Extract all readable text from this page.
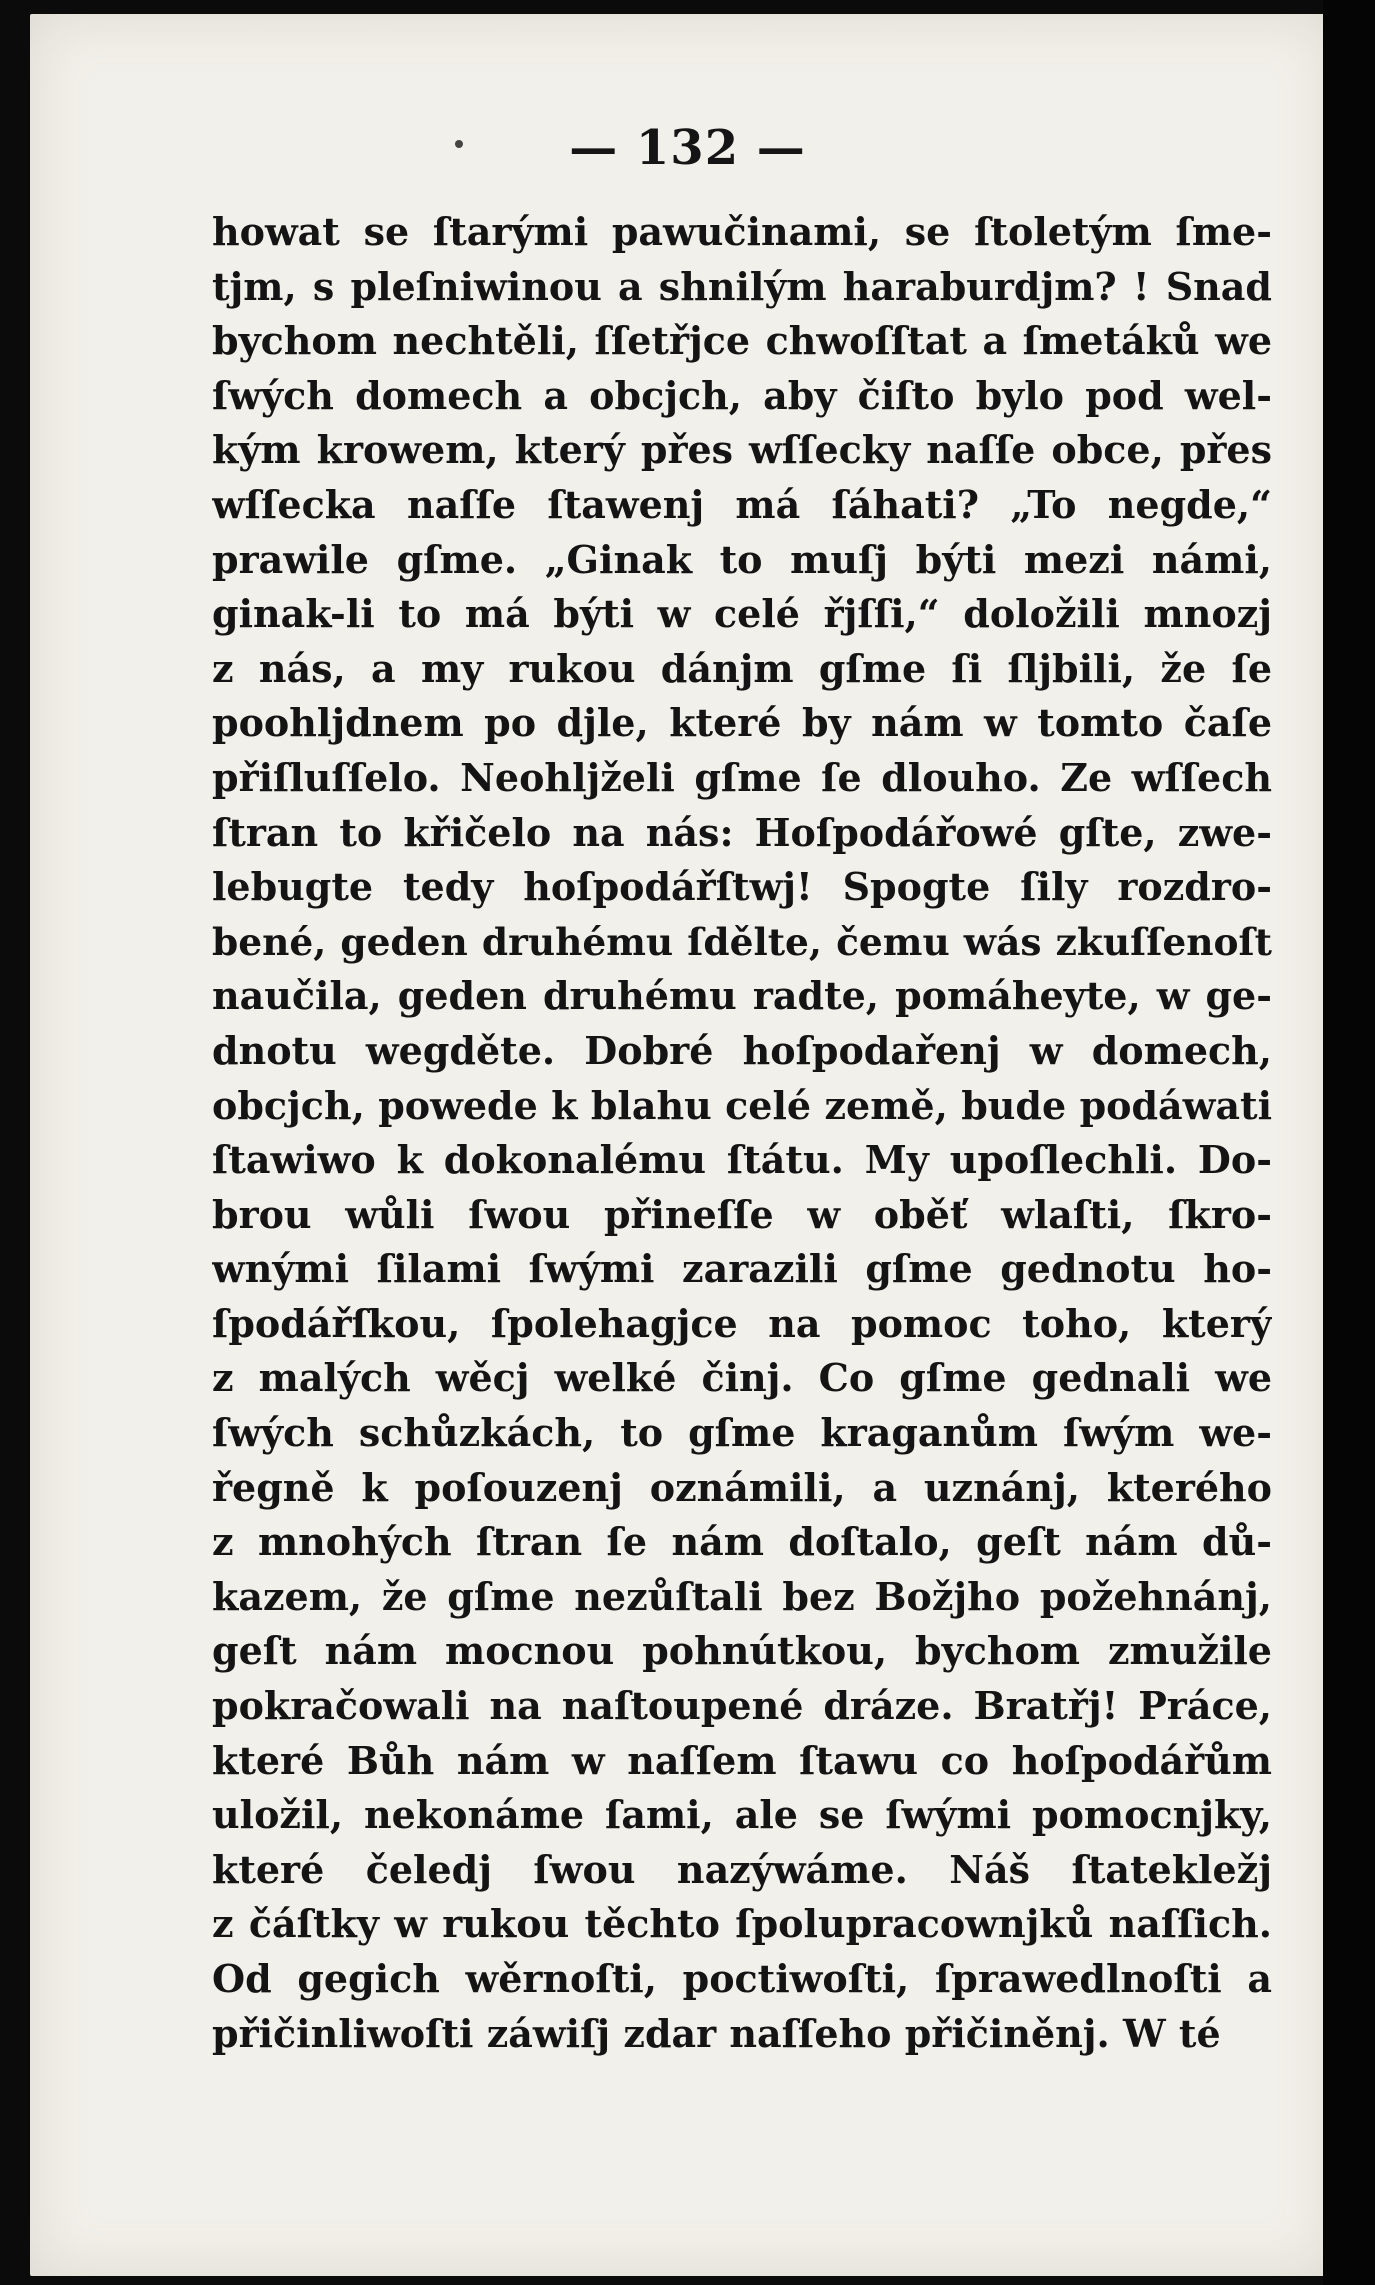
— 132 —
howat se ſtarými pawučinami, se ſtoletým ſme-
tjm, s pleſniwinou a shnilým haraburdjm? ! Snad
bychom nechtěli, ſſetřjce chwoſſtat a ſmetáků we
ſwých domech a obcjch, aby čiſto bylo pod wel-
kým krowem, který přes wſſecky naſſe obce, přes
wſſecka naſſe ſtawenj má ſáhati? „To negde,“
prawile gſme. „Ginak to muſj býti mezi námi,
ginak-li to má býti w celé řjſſi,“ doložili mnozj
z nás, a my rukou dánjm gſme ſi ſljbili, že ſe
poohljdnem po djle, které by nám w tomto čaſe
přiſluſſelo. Neohljželi gſme ſe dlouho. Ze wſſech
ſtran to křičelo na nás: Hoſpodářowé gſte, zwe-
lebugte tedy hoſpodářſtwj! Spogte ſily rozdro-
bené, geden druhému ſdělte, čemu wás zkuſſenoſt
naučila, geden druhému radte, pomáheyte, w ge-
dnotu wegděte. Dobré hoſpodařenj w domech,
obcjch, powede k blahu celé země, bude podáwati
ſtawiwo k dokonalému ſtátu. My upoſlechli. Do-
brou wůli ſwou přineſſe w oběť wlaſti, ſkro-
wnými ſilami ſwými zarazili gſme gednotu ho-
ſpodářſkou, ſpolehagjce na pomoc toho, který
z malých wěcj welké činj. Co gſme gednali we
ſwých schůzkách, to gſme kraganům ſwým we-
řegně k poſouzenj oznámili, a uznánj, kterého
z mnohých ſtran ſe nám doſtalo, geſt nám dů-
kazem, že gſme nezůſtali bez Božjho požehnánj,
geſt nám mocnou pohnútkou, bychom zmužile
pokračowali na naſtoupené dráze. Bratřj! Práce,
které Bůh nám w naſſem ſtawu co hoſpodářům
uložil, nekonáme ſami, ale se ſwými pomocnjky,
které čeledj ſwou nazýwáme. Náš ſtatekležj
z čáſtky w rukou těchto ſpolupracownjků naſſich.
Od gegich wěrnoſti, poctiwoſti, ſprawedlnoſti a
přičinliwoſti záwiſj zdar naſſeho přičiněnj. W té
